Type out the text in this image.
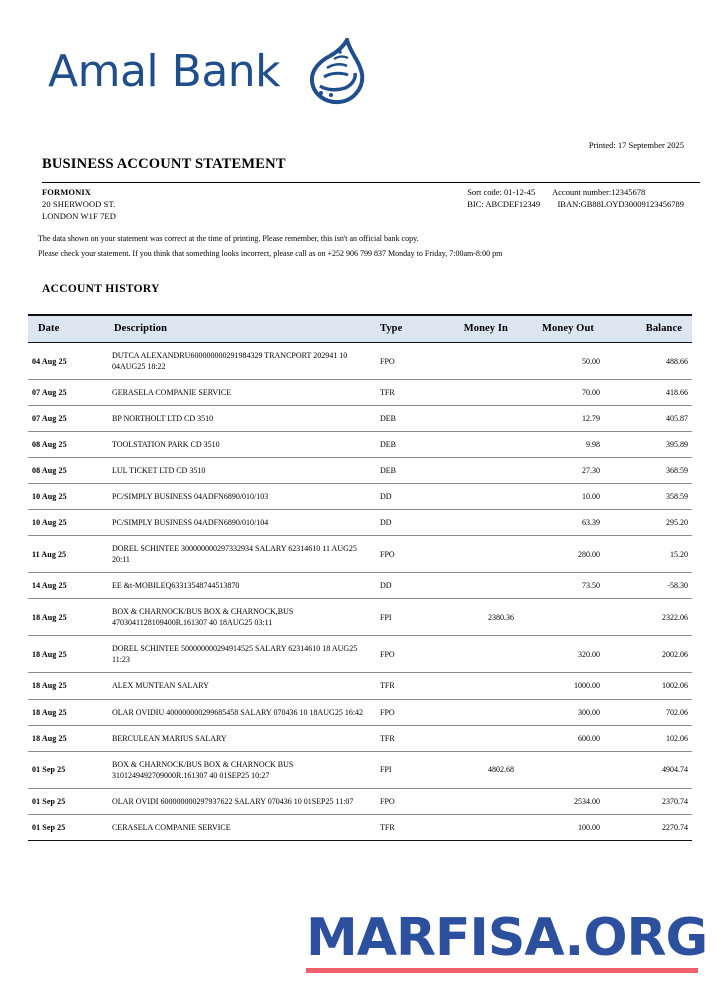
Amal Bank
Printed: 17 September 2025
BUSINESS ACCOUNT STATEMENT
FORMONIX
20 SHERWOOD ST.
LONDON W1F 7ED
Sort code: 01-12-45 Account number:12345678
BIC: ABCDEF12349 IBAN:GB88LOYD30009123456789
The data shown on your statement was correct at the time of printing. Please remember, this isn't an official bank copy.
Please check your statement. If you think that something looks incorrect, please call as on +252 906 799 837 Monday to Friday, 7:00am-8:00 pm
ACCOUNT HISTORY
Date	Description	Type	Money In	Money Out	Balance
04 Aug 25	DUTCA ALEXANDRU600000000291984329 TRANCPORT 202941 10 04AUG25 18:22	FPO		50.00	488.66
07 Aug 25	GERASELA COMPANIE SERVICE	TFR		70.00	418.66
07 Aug 25	BP NORTHOLT LTD CD 3510	DEB		12.79	405.87
08 Aug 25	TOOLSTATION PARK CD 3510	DEB		9.98	395.89
08 Aug 25	LUL TICKET LTD CD 3510	DEB		27.30	368.59
10 Aug 25	PC/SIMPLY BUSINESS 04ADFN6890/010/103	DD		10.00	358.59
10 Aug 25	PC/SIMPLY BUSINESS 04ADFN6890/010/104	DD		63.39	295.20
11 Aug 25	DOREL SCHINTEE 300000000297332934 SALARY 62314610 11 AUG25 20:11	FPO		280.00	15.20
14 Aug 25	EE &t-MOBILEQ63313548744513870	DD		73.50	-58.30
18 Aug 25	BOX & CHARNOCK/BUS BOX & CHARNOCK,BUS 4703041128109400R.161307 40 18AUG25 03:11	FPI	2380.36		2322.06
18 Aug 25	DOREL SCHINTEE 500000000294914525 SALARY 62314610 18 AUG25 11:23	FPO		320.00	2002.06
18 Aug 25	ALEX MUNTEAN SALARY	TFR		1000.00	1002.06
18 Aug 25	OLAR OVIDIU 400000000299685458 SALARY 070436 10 18AUG25 16:42	FPO		300.00	702.06
18 Aug 25	BERCULEAN MARIUS SALARY	TFR		600.00	102.06
01 Sep 25	BOX & CHARNOCK/BUS BOX & CHARNOCK BUS 3101249492709000R.161307 40 01SEP25 10:27	FPI	4802.68		4904.74
01 Sep 25	OLAR OVIDI 600000000297937622 SALARY 070436 10 01SEP25 11:07	FPO		2534.00	2370.74
01 Sep 25	CERASELA COMPANIE SERVICE	TFR		100.00	2270.74
MARFISA.ORG
